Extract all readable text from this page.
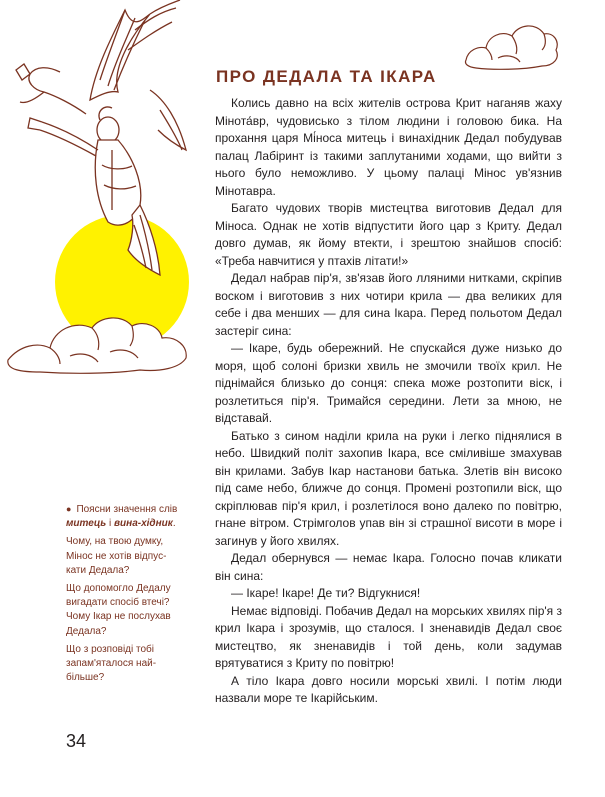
ПРО ДЕДАЛА ТА ІКАРА

Колись давно на всіх жителів острова Крит наганяв жаху Мінота́вр, чудовисько з тілом людини і головою бика. На прохання царя Мі́носа митець і винахідник Дедал побудував палац Лабіринт із такими заплутаними ходами, що вийти з нього було неможливо. У цьому палаці Мінос ув'язнив Мінотавра.

Багато чудових творів мистецтва виготовив Дедал для Міноса. Однак не хотів відпустити його цар з Криту. Дедал довго думав, як йому втекти, і зрештою знайшов спосіб: «Треба навчитися у птахів літати!»

Дедал набрав пір'я, зв'язав його лляними нитками, скріпив воском і виготовив з них чотири крила — два великих для себе і два менших — для сина Ікара. Перед польотом Дедал застеріг сина:

— Ікаре, будь обережний. Не спускайся дуже низько до моря, щоб солоні бризки хвиль не змочили твоїх крил. Не піднімайся близько до сонця: спека може розтопити віск, і розлетиться пір'я. Тримайся середини. Лети за мною, не відставай.

Батько з сином наділи крила на руки і легко піднялися в небо. Швидкий політ захопив Ікара, все сміливіше змахував він крилами. Забув Ікар настанови батька. Злетів він високо під саме небо, ближче до сонця. Промені розтопили віск, що скріплював пір'я крил, і розлетілося воно далеко по повітрю, гнане вітром. Стрімголов упав він зі страшної висоти в море і загинув у його хвилях.

Дедал обернувся — немає Ікара. Голосно почав кликати він сина:

— Ікаре! Ікаре! Де ти? Відгукнися!

Немає відповіді. Побачив Дедал на морських хвилях пір'я з крил Ікара і зрозумів, що сталося. І зненавидів Дедал своє мистецтво, як зненавидів і той день, коли задумав врятуватися з Криту по повітрю!

А тіло Ікара довго носили морські хвилі. І потім люди назвали море те Ікарійським.

● Поясни значення слів митець і вина-хідник.

Чому, на твою думку, Мінос не хотів відпус-кати Дедала?

Що допомогло Дедалу вигадати спосіб втечі? Чому Ікар не послухав Дедала?

Що з розповіді тобі запам'яталося най-більше?

34
